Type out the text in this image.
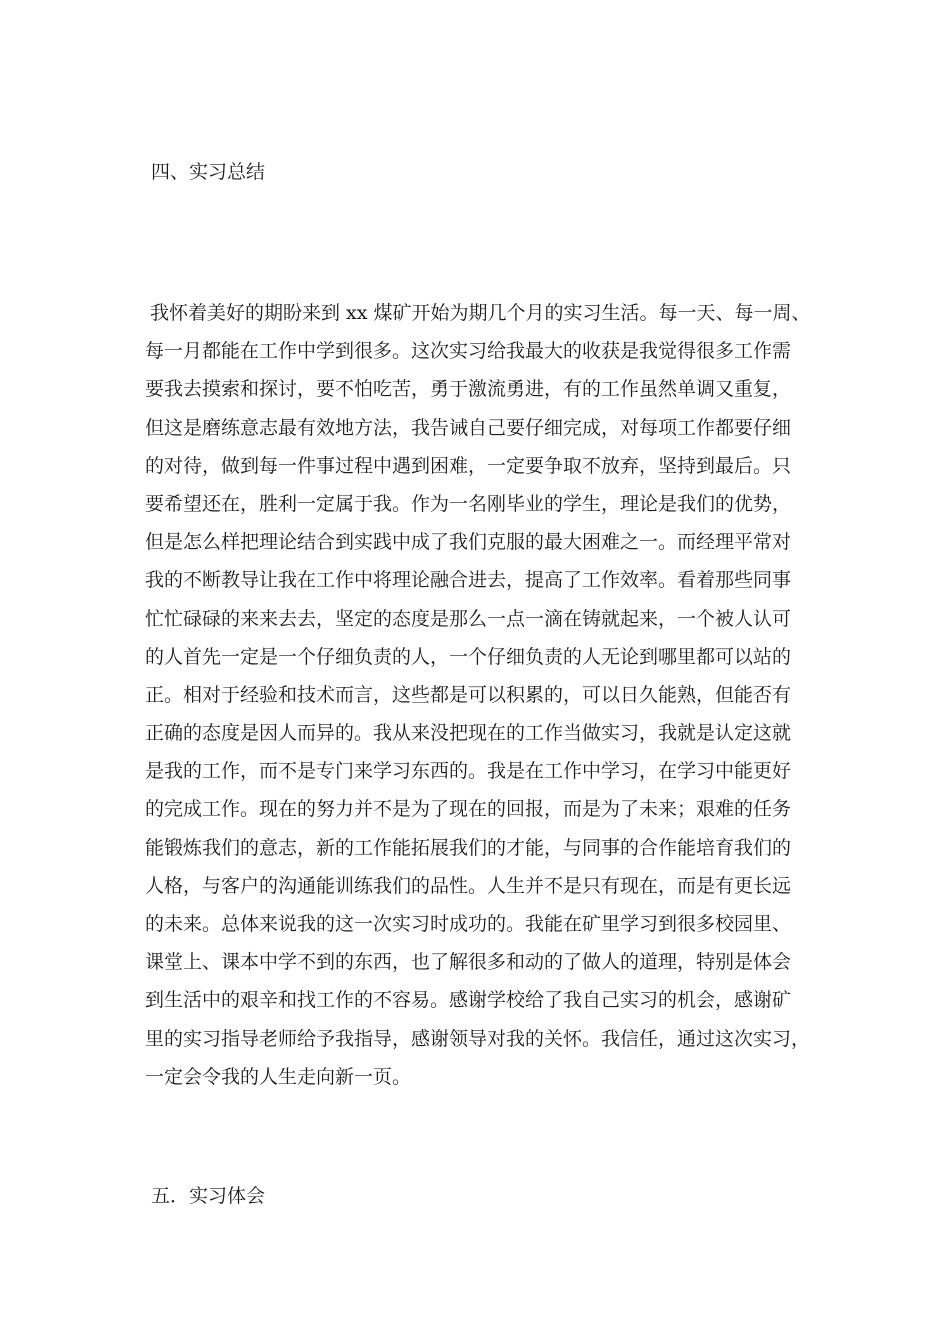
四、实习总结
我怀着美好的期盼来到 xx 煤矿开始为期几个月的实习生活。每一天、每一周、
每一月都能在工作中学到很多。这次实习给我最大的收获是我觉得很多工作需
要我去摸索和探讨，要不怕吃苦，勇于激流勇进，有的工作虽然单调又重复，
但这是磨练意志最有效地方法，我告诫自己要仔细完成，对每项工作都要仔细
的对待，做到每一件事过程中遇到困难，一定要争取不放弃，坚持到最后。只
要希望还在，胜利一定属于我。作为一名刚毕业的学生，理论是我们的优势，
但是怎么样把理论结合到实践中成了我们克服的最大困难之一。而经理平常对
我的不断教导让我在工作中将理论融合进去，提高了工作效率。看着那些同事
忙忙碌碌的来来去去，坚定的态度是那么一点一滴在铸就起来，一个被人认可
的人首先一定是一个仔细负责的人，一个仔细负责的人无论到哪里都可以站的
正。相对于经验和技术而言，这些都是可以积累的，可以日久能熟，但能否有
正确的态度是因人而异的。我从来没把现在的工作当做实习，我就是认定这就
是我的工作，而不是专门来学习东西的。我是在工作中学习，在学习中能更好
的完成工作。现在的努力并不是为了现在的回报，而是为了未来；艰难的任务
能锻炼我们的意志，新的工作能拓展我们的才能，与同事的合作能培育我们的
人格，与客户的沟通能训练我们的品性。人生并不是只有现在，而是有更长远
的未来。总体来说我的这一次实习时成功的。我能在矿里学习到很多校园里、
课堂上、课本中学不到的东西，也了解很多和动的了做人的道理，特别是体会
到生活中的艰辛和找工作的不容易。感谢学校给了我自己实习的机会，感谢矿
里的实习指导老师给予我指导，感谢领导对我的关怀。我信任，通过这次实习，
一定会令我的人生走向新一页。
五．实习体会
